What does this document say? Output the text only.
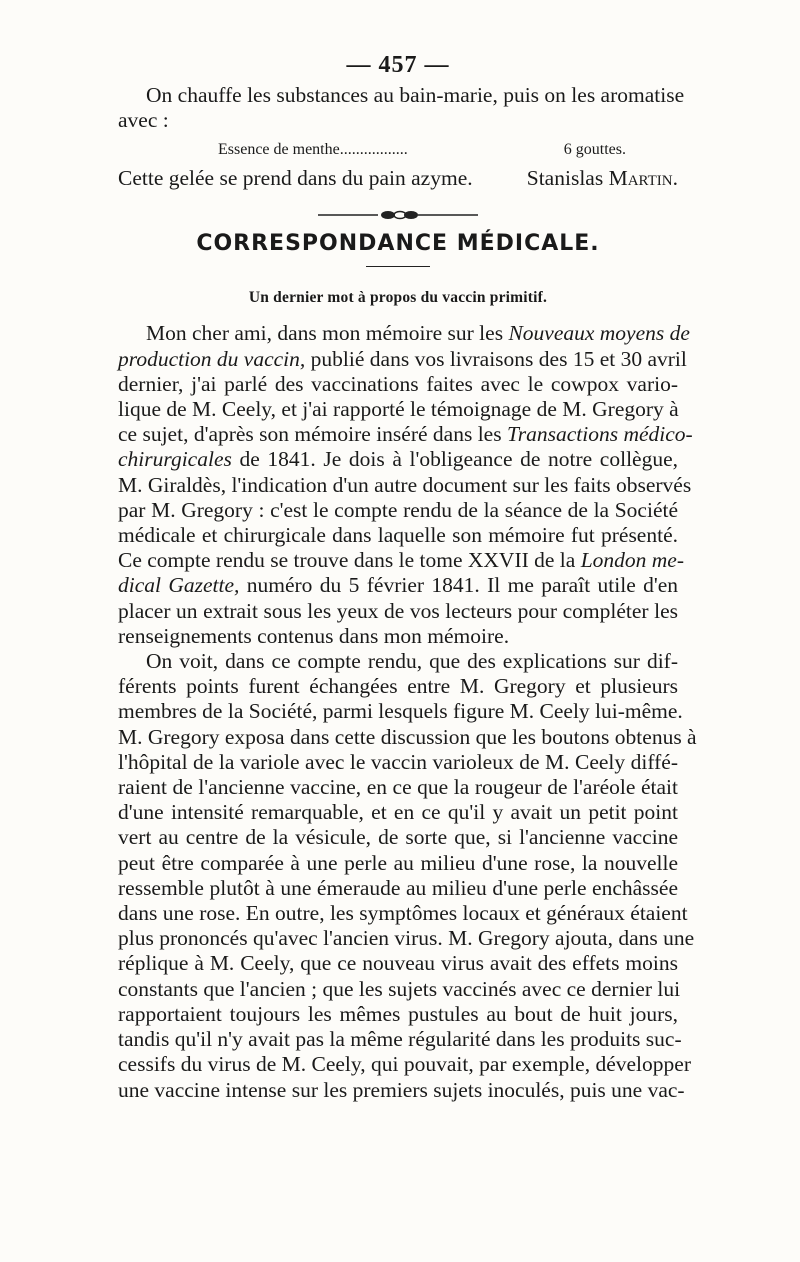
— 457 —

On chauffe les substances au bain-marie, puis on les aromatise
avec :

Essence de menthe.................	6 gouttes.
Cette gelée se prend dans du pain azyme.	Stanislas Martin.
CORRESPONDANCE MÉDICALE.
Un dernier mot à propos du vaccin primitif.

Mon cher ami, dans mon mémoire sur les Nouveaux moyens de
production du vaccin, publié dans vos livraisons des 15 et 30 avril
dernier, j'ai parlé des vaccinations faites avec le cowpox vario-
lique de M. Ceely, et j'ai rapporté le témoignage de M. Gregory à
ce sujet, d'après son mémoire inséré dans les Transactions médico-
chirurgicales de 1841. Je dois à l'obligeance de notre collègue,
M. Giraldès, l'indication d'un autre document sur les faits observés
par M. Gregory : c'est le compte rendu de la séance de la Société
médicale et chirurgicale dans laquelle son mémoire fut présenté.
Ce compte rendu se trouve dans le tome XXVII de la London me-
dical Gazette, numéro du 5 février 1841. Il me paraît utile d'en
placer un extrait sous les yeux de vos lecteurs pour compléter les
renseignements contenus dans mon mémoire.

On voit, dans ce compte rendu, que des explications sur dif-
férents points furent échangées entre M. Gregory et plusieurs
membres de la Société, parmi lesquels figure M. Ceely lui-même.
M. Gregory exposa dans cette discussion que les boutons obtenus à
l'hôpital de la variole avec le vaccin varioleux de M. Ceely diffé-
raient de l'ancienne vaccine, en ce que la rougeur de l'aréole était
d'une intensité remarquable, et en ce qu'il y avait un petit point
vert au centre de la vésicule, de sorte que, si l'ancienne vaccine
peut être comparée à une perle au milieu d'une rose, la nouvelle
ressemble plutôt à une émeraude au milieu d'une perle enchâssée
dans une rose. En outre, les symptômes locaux et généraux étaient
plus prononcés qu'avec l'ancien virus. M. Gregory ajouta, dans une
réplique à M. Ceely, que ce nouveau virus avait des effets moins
constants que l'ancien ; que les sujets vaccinés avec ce dernier lui
rapportaient toujours les mêmes pustules au bout de huit jours,
tandis qu'il n'y avait pas la même régularité dans les produits suc-
cessifs du virus de M. Ceely, qui pouvait, par exemple, développer
une vaccine intense sur les premiers sujets inoculés, puis une vac-
